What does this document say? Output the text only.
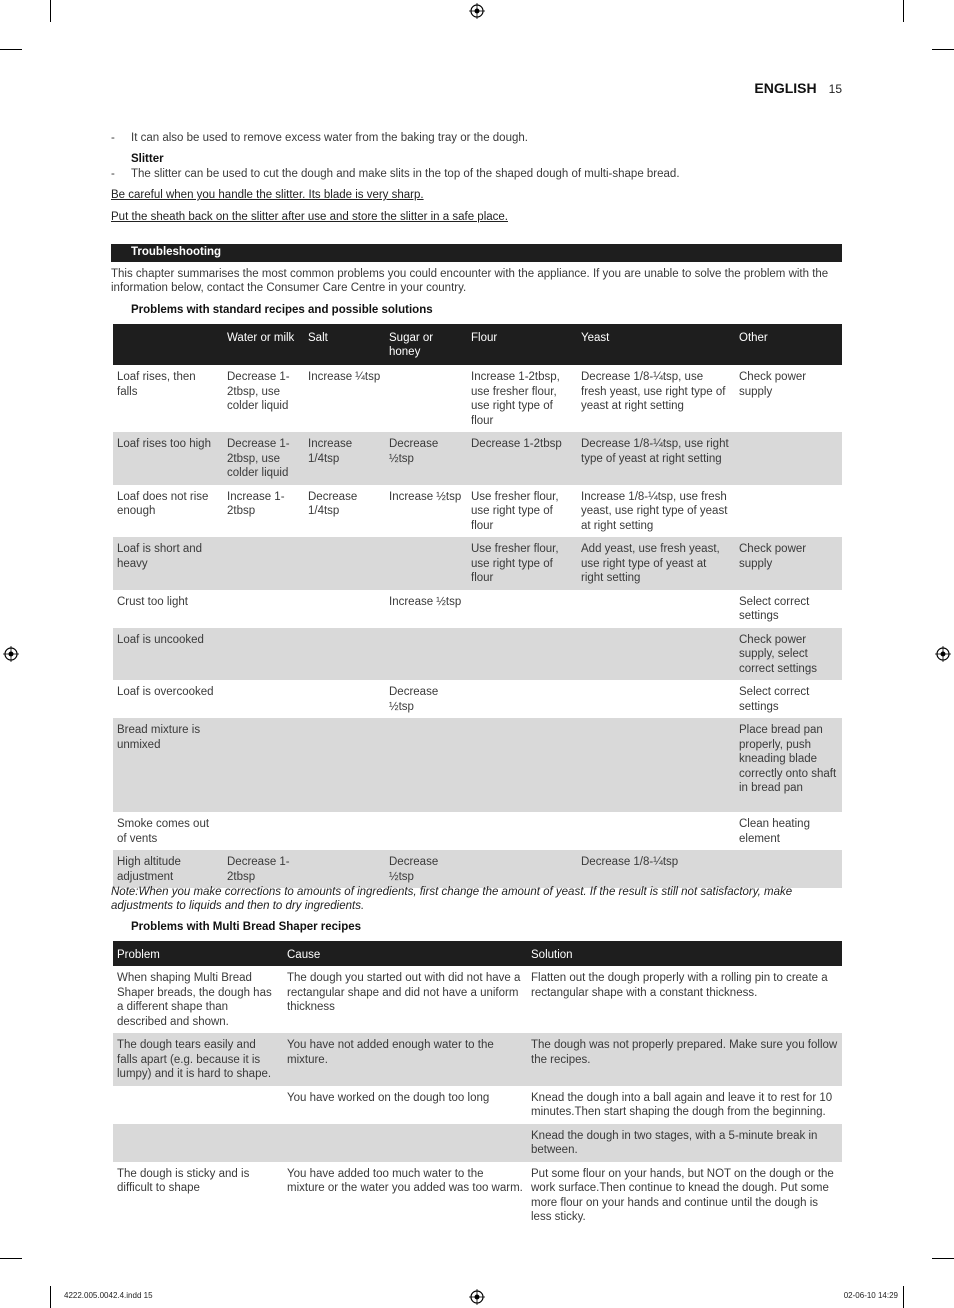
ENGLISH 15
- It can also be used to remove excess water from the baking tray or the dough.
Slitter
- The slitter can be used to cut the dough and make slits in the top of the shaped dough of multi-shape bread.
Be careful when you handle the slitter. Its blade is very sharp.
Put the sheath back on the slitter after use and store the slitter in a safe place.
Troubleshooting
This chapter summarises the most common problems you could encounter with the appliance. If you are unable to solve the problem with the information below, contact the Consumer Care Centre in your country.
Problems with standard recipes and possible solutions
	Water or milk	Salt	Sugar or honey	Flour	Yeast	Other
Loaf rises, then falls	Decrease 1-2tbsp, use colder liquid	Increase ¼tsp		Increase 1-2tbsp, use fresher flour, use right type of flour	Decrease 1/8-¼tsp, use fresh yeast, use right type of yeast at right setting	Check power supply
Loaf rises too high	Decrease 1-2tbsp, use colder liquid	Increase 1/4tsp	Decrease ½tsp	Decrease 1-2tbsp	Decrease 1/8-¼tsp, use right type of yeast at right setting	
Loaf does not rise enough	Increase 1-2tbsp	Decrease 1/4tsp	Increase ½tsp	Use fresher flour, use right type of flour	Increase 1/8-¼tsp, use fresh yeast, use right type of yeast at right setting	
Loaf is short and heavy				Use fresher flour, use right type of flour	Add yeast, use fresh yeast, use right type of yeast at right setting	Check power supply
Crust too light			Increase ½tsp			Select correct settings
Loaf is uncooked						Check power supply, select correct settings
Loaf is overcooked			Decrease ½tsp			Select correct settings
Bread mixture is unmixed						Place bread pan properly, push kneading blade correctly onto shaft in bread pan
Smoke comes out of vents						Clean heating element
High altitude adjustment	Decrease 1-2tbsp		Decrease ½tsp		Decrease 1/8-¼tsp	
Note:When you make corrections to amounts of ingredients, first change the amount of yeast. If the result is still not satisfactory, make adjustments to liquids and then to dry ingredients.
Problems with Multi Bread Shaper recipes
Problem	Cause	Solution
When shaping Multi Bread Shaper breads, the dough has a different shape than described and shown.	The dough you started out with did not have a rectangular shape and did not have a uniform thickness	Flatten out the dough properly with a rolling pin to create a rectangular shape with a constant thickness.
The dough tears easily and falls apart (e.g. because it is lumpy) and it is hard to shape.	You have not added enough water to the mixture.	The dough was not properly prepared. Make sure you follow the recipes.
	You have worked on the dough too long	Knead the dough into a ball again and leave it to rest for 10 minutes.Then start shaping the dough from the beginning.
		Knead the dough in two stages, with a 5-minute break in between.
The dough is sticky and is difficult to shape	You have added too much water to the mixture or the water you added was too warm.	Put some flour on your hands, but NOT on the dough or the work surface.Then continue to knead the dough. Put some more flour on your hands and continue until the dough is less sticky.
4222.005.0042.4.indd 15	02-06-10 14:29
